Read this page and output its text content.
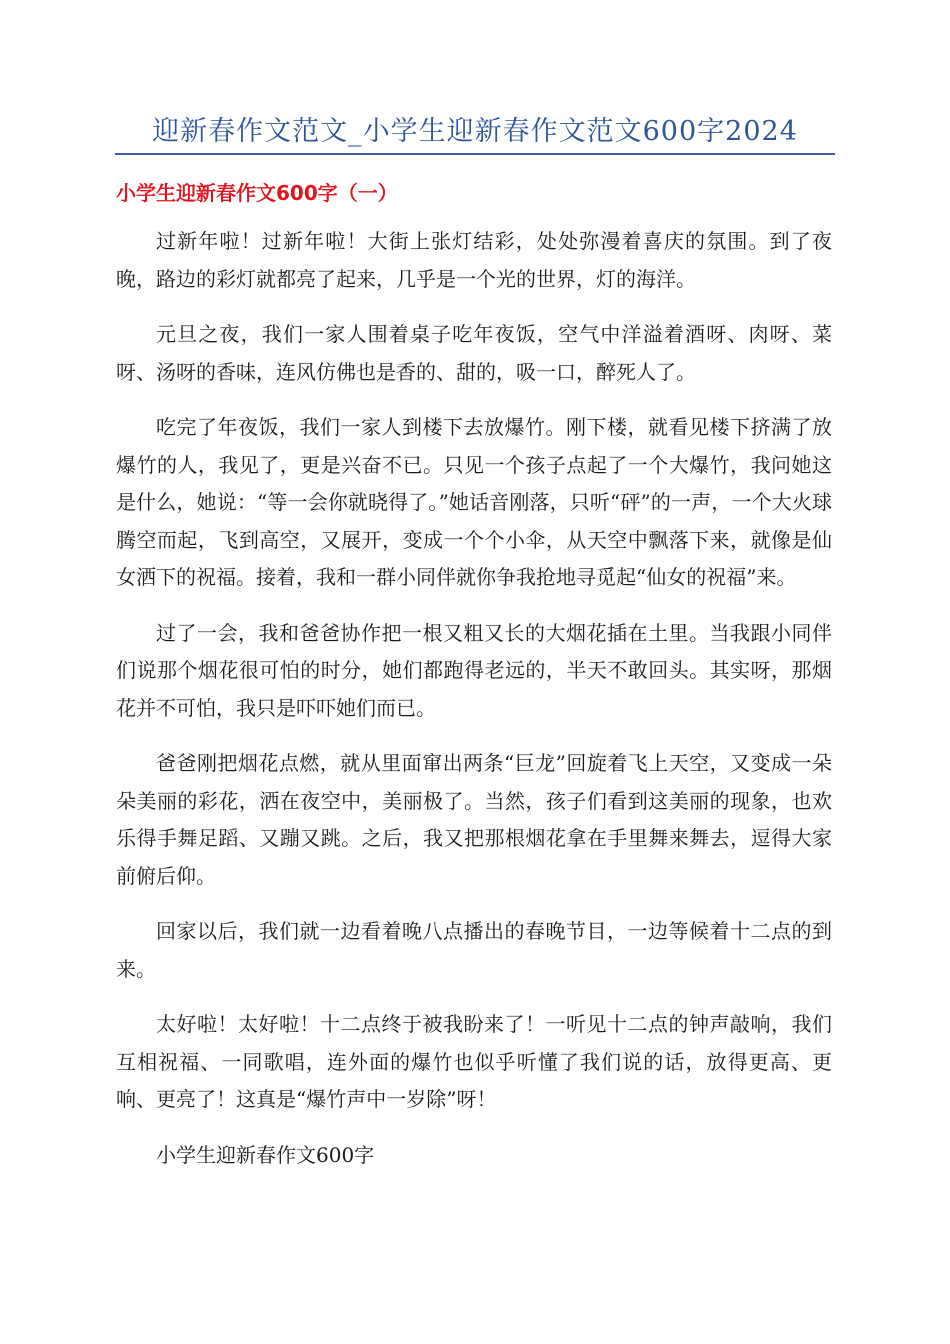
迎新春作文范文_小学生迎新春作文范文600字2024
小学生迎新春作文600字（一）

过新年啦！过新年啦！大街上张灯结彩，处处弥漫着喜庆的氛围。到了夜晚，路边的彩灯就都亮了起来，几乎是一个光的世界，灯的海洋。

元旦之夜，我们一家人围着桌子吃年夜饭，空气中洋溢着酒呀、肉呀、菜呀、汤呀的香味，连风仿佛也是香的、甜的，吸一口，醉死人了。

吃完了年夜饭，我们一家人到楼下去放爆竹。刚下楼，就看见楼下挤满了放爆竹的人，我见了，更是兴奋不已。只见一个孩子点起了一个大爆竹，我问她这是什么，她说：“等一会你就晓得了。”她话音刚落，只听“砰”的一声，一个大火球腾空而起，飞到高空，又展开，变成一个个小伞，从天空中飘落下来，就像是仙女洒下的祝福。接着，我和一群小同伴就你争我抢地寻觅起“仙女的祝福”来。

过了一会，我和爸爸协作把一根又粗又长的大烟花插在土里。当我跟小同伴们说那个烟花很可怕的时分，她们都跑得老远的，半天不敢回头。其实呀，那烟花并不可怕，我只是吓吓她们而已。

爸爸刚把烟花点燃，就从里面窜出两条“巨龙”回旋着飞上天空，又变成一朵朵美丽的彩花，洒在夜空中，美丽极了。当然，孩子们看到这美丽的现象，也欢乐得手舞足蹈、又蹦又跳。之后，我又把那根烟花拿在手里舞来舞去，逗得大家前俯后仰。

回家以后，我们就一边看着晚八点播出的春晚节目，一边等候着十二点的到来。

太好啦！太好啦！十二点终于被我盼来了！一听见十二点的钟声敲响，我们互相祝福、一同歌唱，连外面的爆竹也似乎听懂了我们说的话，放得更高、更响、更亮了！这真是“爆竹声中一岁除”呀！

小学生迎新春作文600字
